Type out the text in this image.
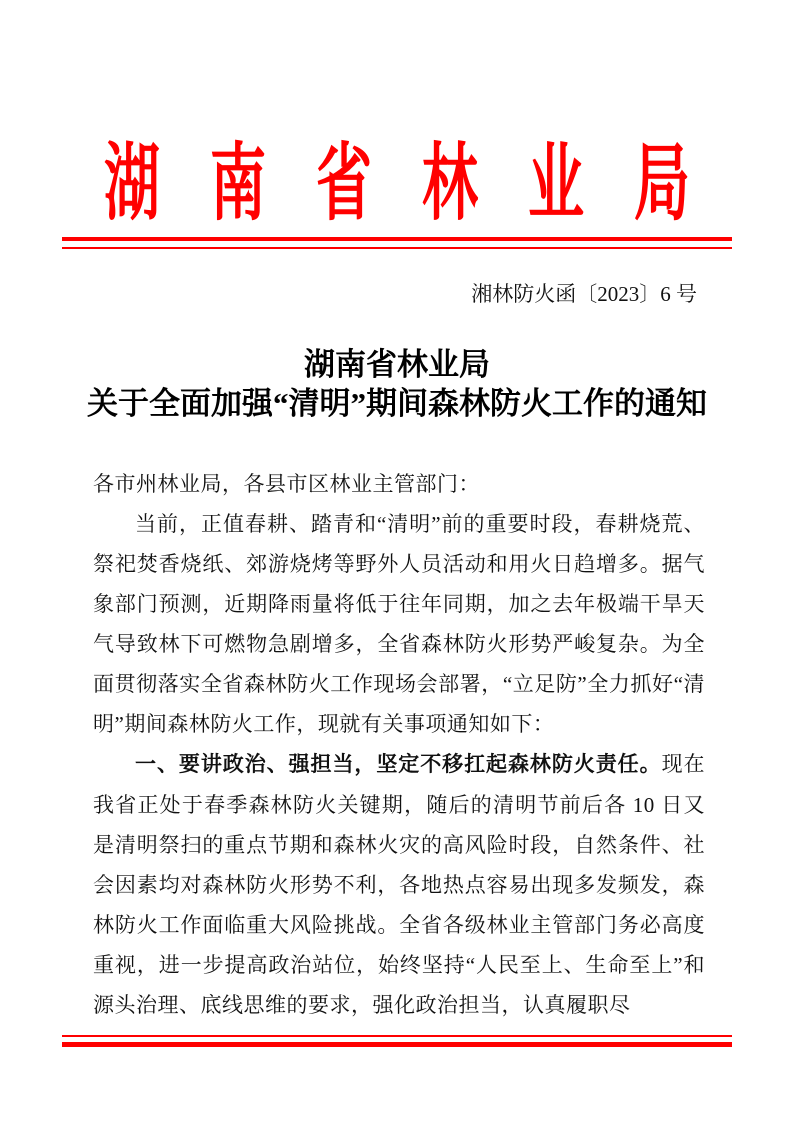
湖南省林业局
湘林防火函〔2023〕6 号
湖南省林业局
关于全面加强“清明”期间森林防火工作的通知

各市州林业局，各县市区林业主管部门：

当前，正值春耕、踏青和“清明”前的重要时段，春耕烧荒、祭祀焚香烧纸、郊游烧烤等野外人员活动和用火日趋增多。据气象部门预测，近期降雨量将低于往年同期，加之去年极端干旱天气导致林下可燃物急剧增多，全省森林防火形势严峻复杂。为全面贯彻落实全省森林防火工作现场会部署，“立足防”全力抓好“清明”期间森林防火工作，现就有关事项通知如下：

一、要讲政治、强担当，坚定不移扛起森林防火责任。现在我省正处于春季森林防火关键期，随后的清明节前后各 10 日又是清明祭扫的重点节期和森林火灾的高风险时段，自然条件、社会因素均对森林防火形势不利，各地热点容易出现多发频发，森林防火工作面临重大风险挑战。全省各级林业主管部门务必高度重视，进一步提高政治站位，始终坚持“人民至上、生命至上”和源头治理、底线思维的要求，强化政治担当，认真履职尽
